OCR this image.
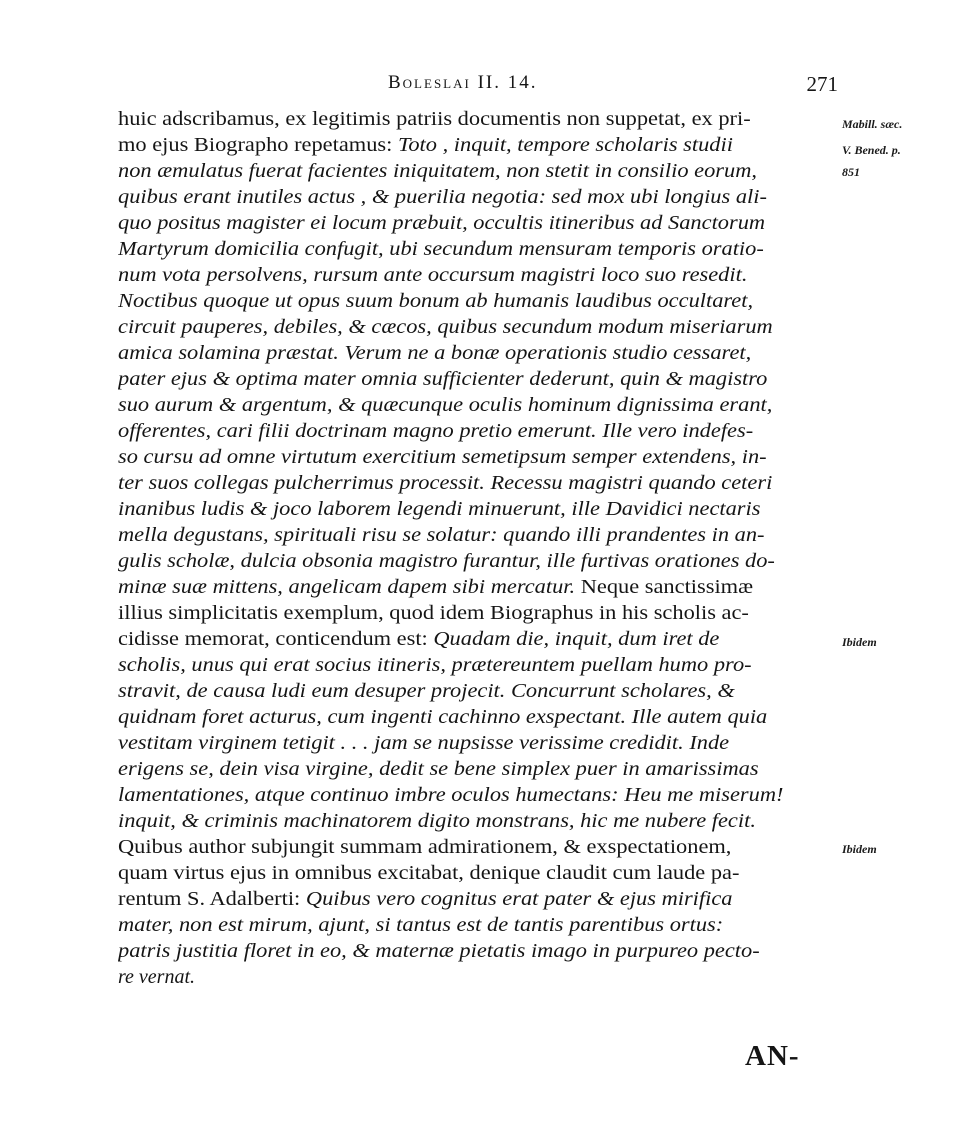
Boleslai II. 14.	271
huic adscribamus, ex legitimis patriis documentis non suppetat, ex pri-
mo ejus Biographo repetamus: Toto , inquit, tempore scholaris studii
non æmulatus fuerat facientes iniquitatem, non stetit in consilio eorum,
quibus erant inutiles actus , & puerilia negotia: sed mox ubi longius ali-
quo positus magister ei locum præbuit, occultis itineribus ad Sanctorum
Martyrum domicilia confugit, ubi secundum mensuram temporis oratio-
num vota persolvens, rursum ante occursum magistri loco suo resedit.
Noctibus quoque ut opus suum bonum ab humanis laudibus occultaret,
circuit pauperes, debiles, & cæcos, quibus secundum modum miseriarum
amica solamina præstat. Verum ne a bonæ operationis studio cessaret,
pater ejus & optima mater omnia sufficienter dederunt, quin & magistro
suo aurum & argentum, & quæcunque oculis hominum dignissima erant,
offerentes, cari filii doctrinam magno pretio emerunt. Ille vero indefes-
so cursu ad omne virtutum exercitium semetipsum semper extendens, in-
ter suos collegas pulcherrimus processit. Recessu magistri quando ceteri
inanibus ludis & joco laborem legendi minuerunt, ille Davidici nectaris
mella degustans, spirituali risu se solatur: quando illi prandentes in an-
gulis scholæ, dulcia obsonia magistro furantur, ille furtivas orationes do-
minæ suæ mittens, angelicam dapem sibi mercatur. Neque sanctissimæ
illius simplicitatis exemplum, quod idem Biographus in his scholis ac-
cidisse memorat, conticendum est: Quadam die, inquit, dum iret de
scholis, unus qui erat socius itineris, prætereuntem puellam humo pro-
stravit, de causa ludi eum desuper projecit. Concurrunt scholares, &
quidnam foret acturus, cum ingenti cachinno exspectant. Ille autem quia
vestitam virginem tetigit . . . jam se nupsisse verissime credidit. Inde
erigens se, dein visa virgine, dedit se bene simplex puer in amarissimas
lamentationes, atque continuo imbre oculos humectans: Heu me miserum!
inquit, & criminis machinatorem digito monstrans, hic me nubere fecit.
Quibus author subjungit summam admirationem, & exspectationem,
quam virtus ejus in omnibus excitabat, denique claudit cum laude pa-
rentum S. Adalberti: Quibus vero cognitus erat pater & ejus mirifica
mater, non est mirum, ajunt, si tantus est de tantis parentibus ortus:
patris justitia floret in eo, & maternæ pietatis imago in purpureo pecto-
re vernat.
Mabill. sæc.
V. Bened. p.
851
Ibidem
Ibidem
AN-
